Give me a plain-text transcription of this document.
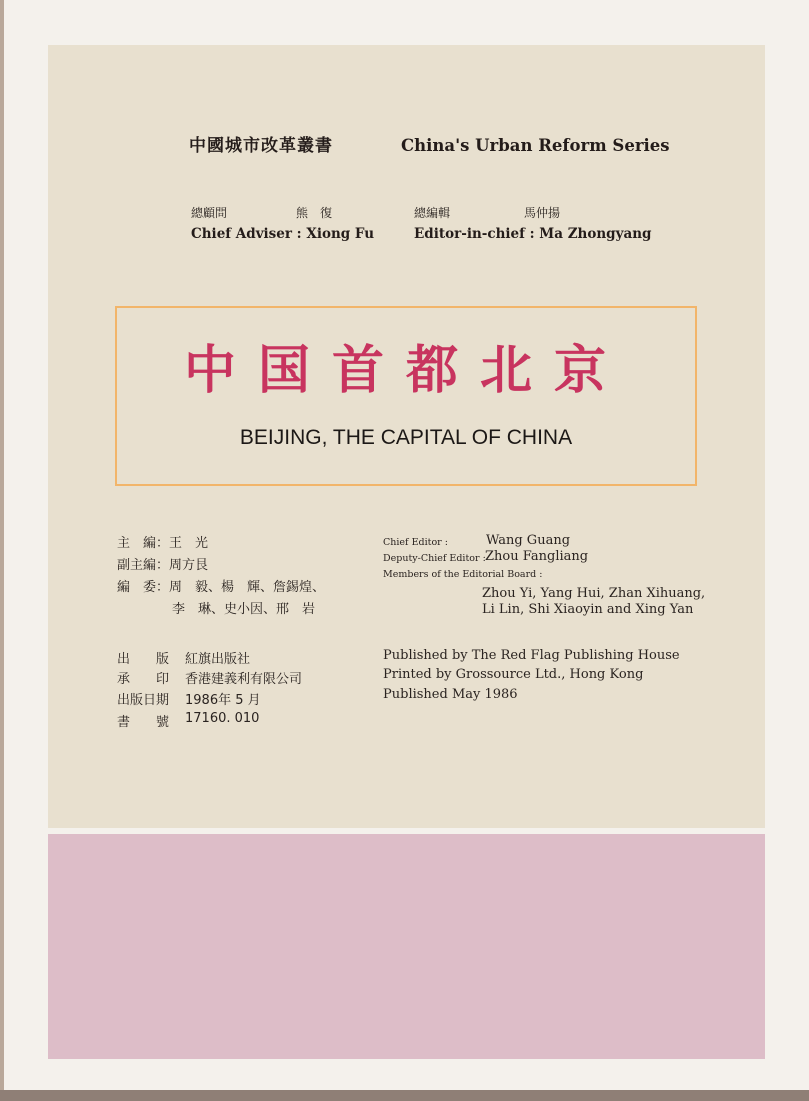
中國城市改革叢書	China's Urban Reform Series
總顧問	熊　復
Chief Adviser : Xiong Fu
總編輯	馬仲揚
Editor-in-chief : Ma Zhongyang
中国首都北京
BEIJING, THE CAPITAL OF CHINA
主　編：王　光
副主編：周方艮
編　委：周　毅、楊　輝、詹錫煌、
李　琳、史小因、邢　岩
Chief Editor :	Wang Guang
Deputy-Chief Editor : Zhou Fangliang
Members of the Editorial Board :
Zhou Yi, Yang Hui, Zhan Xihuang,
Li Lin, Shi Xiaoyin and Xing Yan
出　　版 紅旗出版社
承　　印 香港建義利有限公司
出版日期 1986年 5 月
書　　號 17160. 010
Published by The Red Flag Publishing House
Printed by Grossource Ltd., Hong Kong
Published May 1986
